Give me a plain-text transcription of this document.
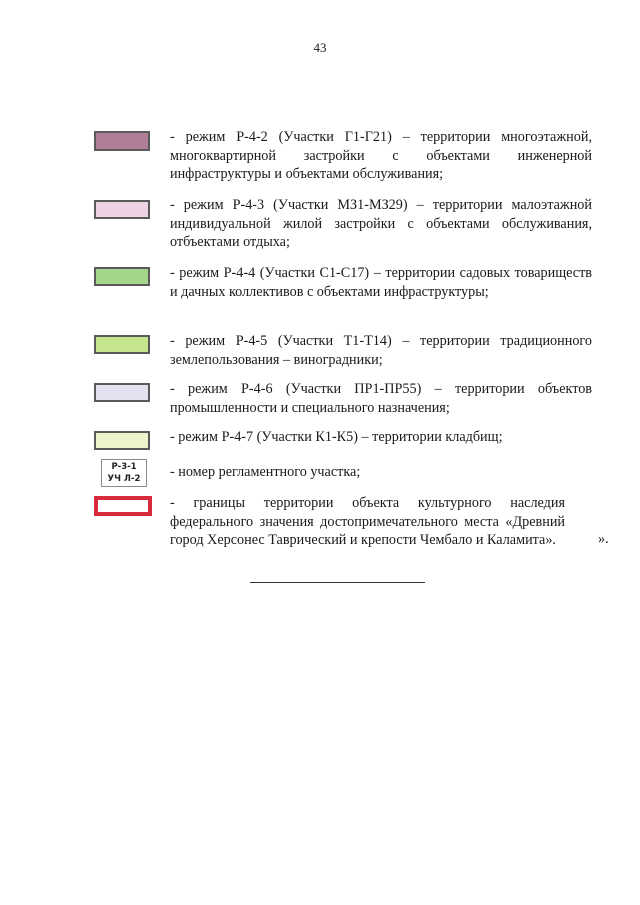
43
- режим Р-4-2 (Участки Г1-Г21) – территории многоэтажной, многоквартирной застройки с объектами инженерной инфраструктуры и объектами обслуживания;
- режим Р-4-3 (Участки МЗ1-МЗ29) – территории малоэтажной индивидуальной жилой застройки с объектами обслуживания, отбъектами отдыха;
- режим Р-4-4 (Участки С1-С17) – территории садовых товариществ и дачных коллективов с объектами инфраструктуры;
- режим Р-4-5 (Участки Т1-Т14) – территории традиционного землепользования – виноградники;
- режим Р-4-6 (Участки ПР1-ПР55) – территории объектов промышленности и специального назначения;
- режим Р-4-7 (Участки К1-К5) – территории кладбищ;
Р-3-1
УЧ Л-2	- номер регламентного участка;
- границы территории объекта культурного наследия федерального значения достопримечательного места «Древний город Херсонес Таврический и крепости Чембало и Каламита».	».
